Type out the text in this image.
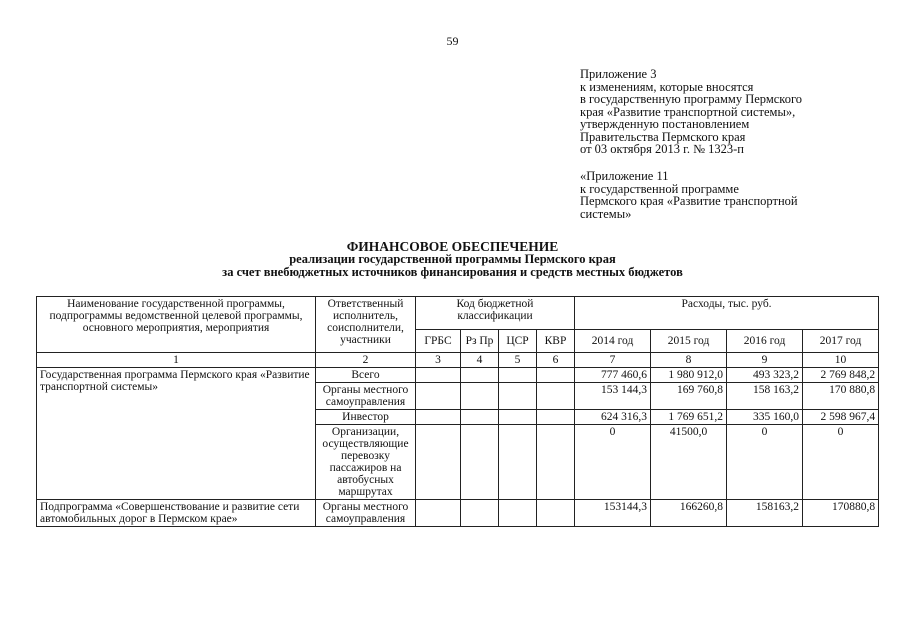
59
Приложение 3
к изменениям, которые вносятся
в государственную программу Пермского
края «Развитие транспортной системы»,
утвержденную постановлением
Правительства Пермского края
от 03 октября 2013 г. № 1323-п
«Приложение 11
к государственной программе
Пермского края «Развитие транспортной
системы»
ФИНАНСОВОЕ ОБЕСПЕЧЕНИЕ
реализации государственной программы Пермского края
за счет внебюджетных источников финансирования и средств местных бюджетов
Наименование государственной программы, подпрограммы ведомственной целевой программы, основного мероприятия, мероприятия	Ответственный исполнитель, соисполнители, участники	Код бюджетной классификации				Расходы, тыс. руб.			
		ГРБС	Рз Пр	ЦСР	КВР	2014 год	2015 год	2016 год	2017 год
1	2	3	4	5	6	7	8	9	10
Государственная программа Пермского края «Развитие транспортной системы»	Всего					777 460,6	1 980 912,0	493 323,2	2 769 848,2
	Органы местного самоуправления					153 144,3	169 760,8	158 163,2	170 880,8
	Инвестор					624 316,3	1 769 651,2	335 160,0	2 598 967,4
	Организации, осуществляющие перевозку пассажиров на автобусных маршрутах					0	41500,0	0	0
Подпрограмма «Совершенствование и развитие сети автомобильных дорог в Пермском крае»	Органы местного самоуправления					153144,3	166260,8	158163,2	170880,8
